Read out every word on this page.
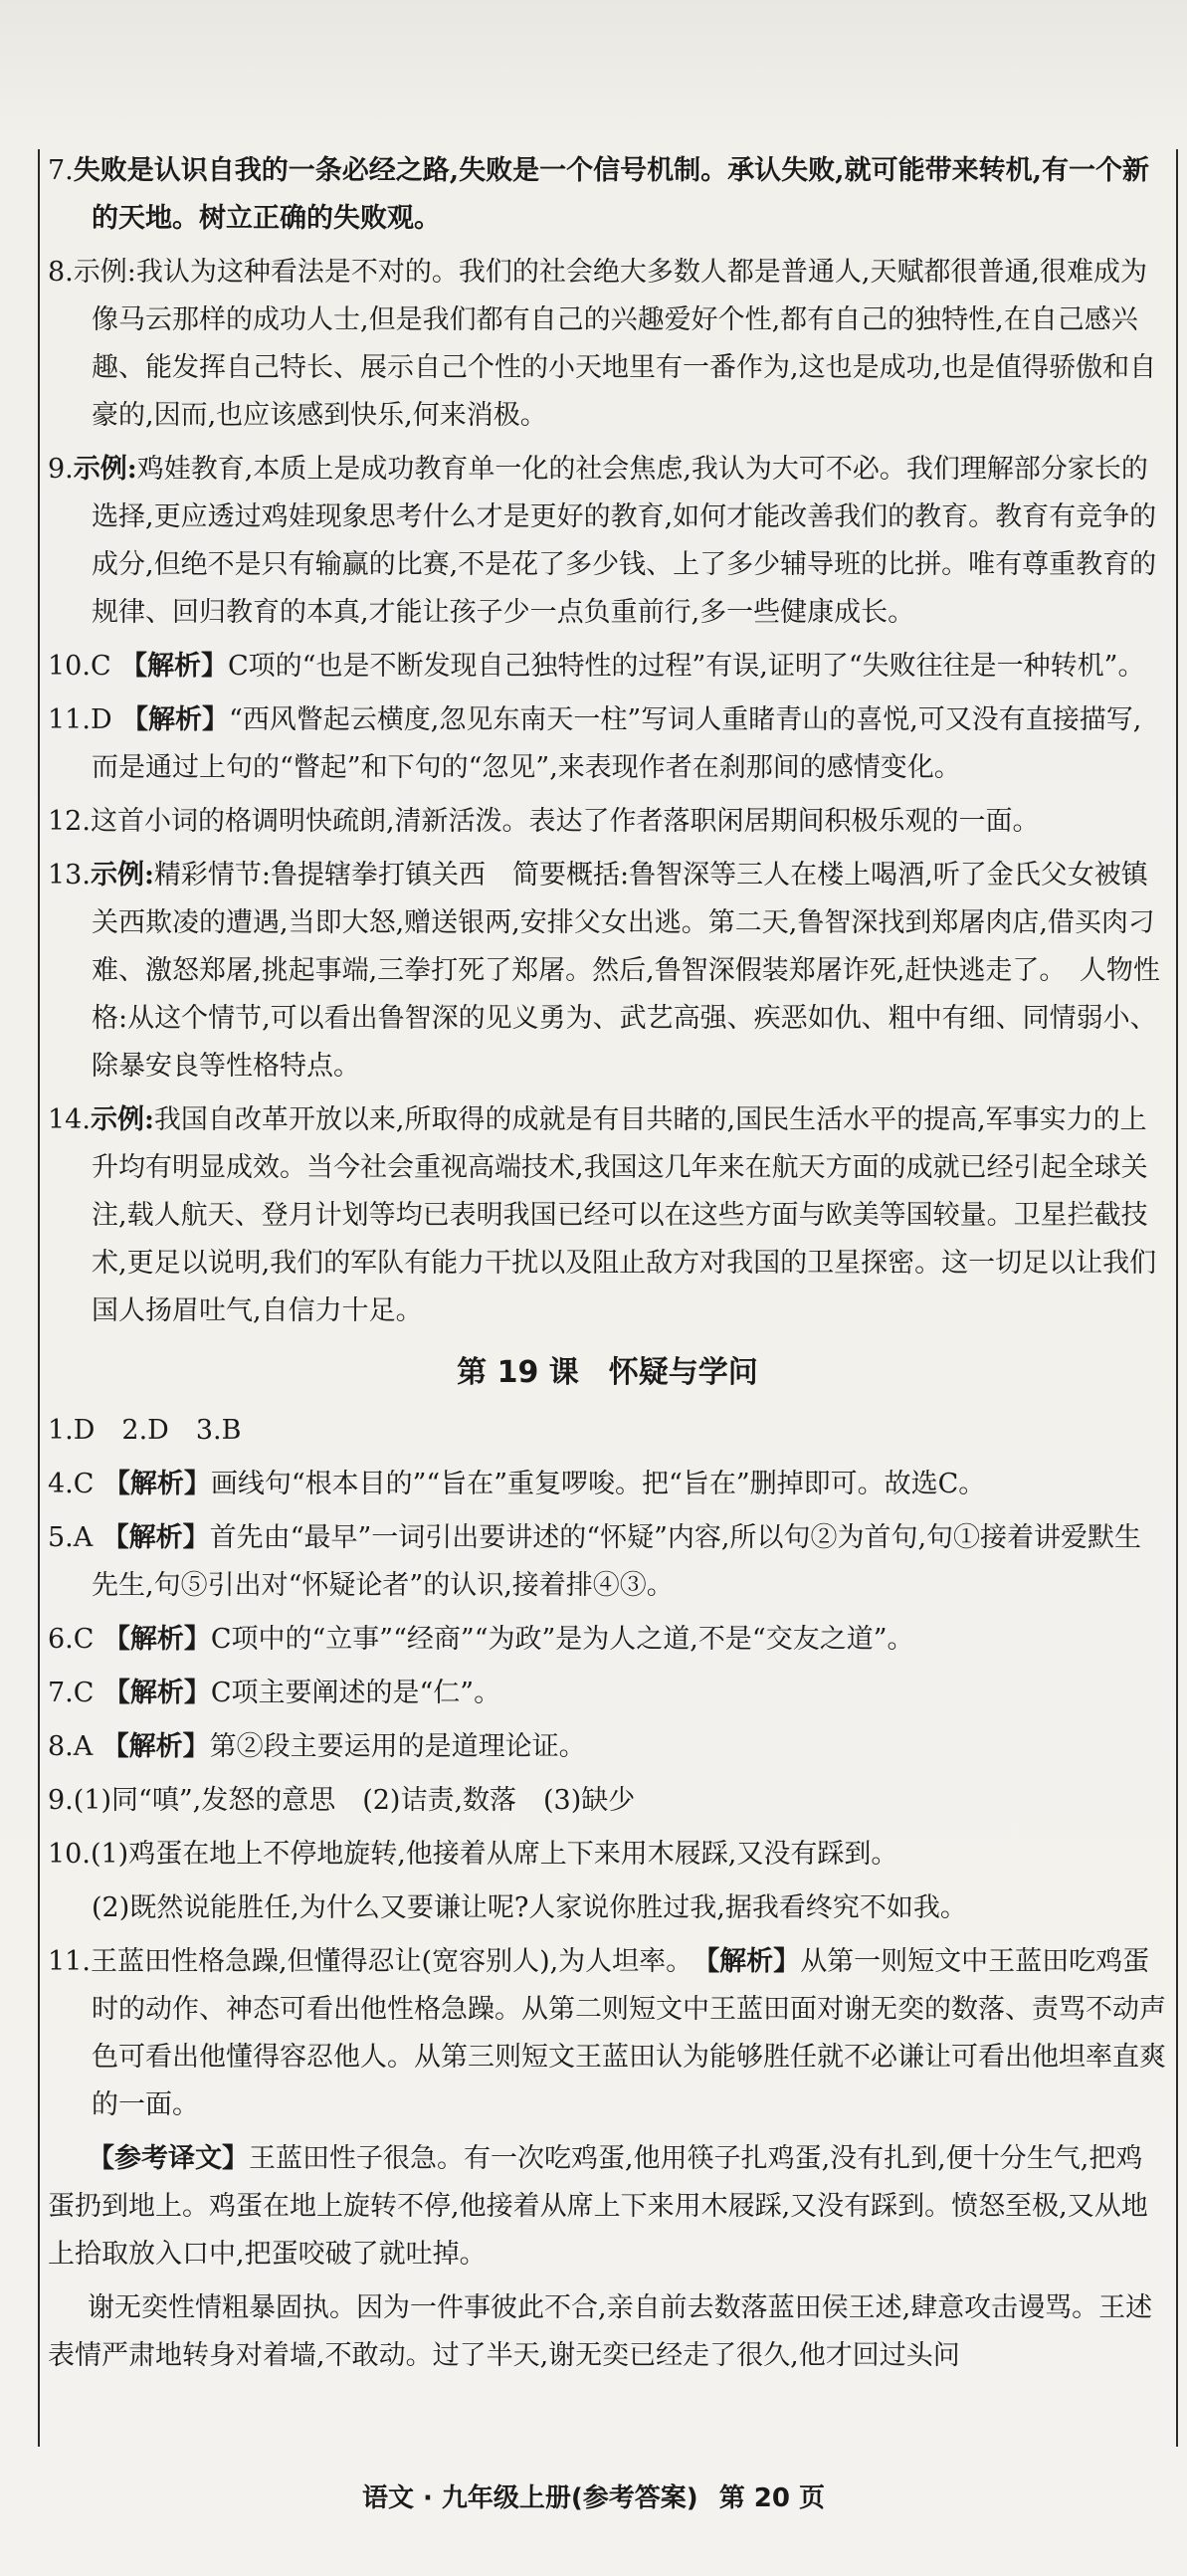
7.失败是认识自我的一条必经之路,失败是一个信号机制。承认失败,就可能带来转机,有一个新的天地。树立正确的失败观。
8.示例:我认为这种看法是不对的。我们的社会绝大多数人都是普通人,天赋都很普通,很难成为像马云那样的成功人士,但是我们都有自己的兴趣爱好个性,都有自己的独特性,在自己感兴趣、能发挥自己特长、展示自己个性的小天地里有一番作为,这也是成功,也是值得骄傲和自豪的,因而,也应该感到快乐,何来消极。
9.示例:鸡娃教育,本质上是成功教育单一化的社会焦虑,我认为大可不必。我们理解部分家长的选择,更应透过鸡娃现象思考什么才是更好的教育,如何才能改善我们的教育。教育有竞争的成分,但绝不是只有输赢的比赛,不是花了多少钱、上了多少辅导班的比拼。唯有尊重教育的规律、回归教育的本真,才能让孩子少一点负重前行,多一些健康成长。
10.C 【解析】C项的“也是不断发现自己独特性的过程”有误,证明了“失败往往是一种转机”。
11.D 【解析】“西风瞥起云横度,忽见东南天一柱”写词人重睹青山的喜悦,可又没有直接描写,而是通过上句的“瞥起”和下句的“忽见”,来表现作者在刹那间的感情变化。
12.这首小词的格调明快疏朗,清新活泼。表达了作者落职闲居期间积极乐观的一面。
13.示例:精彩情节:鲁提辖拳打镇关西　简要概括:鲁智深等三人在楼上喝酒,听了金氏父女被镇关西欺凌的遭遇,当即大怒,赠送银两,安排父女出逃。第二天,鲁智深找到郑屠肉店,借买肉刁难、激怒郑屠,挑起事端,三拳打死了郑屠。然后,鲁智深假装郑屠诈死,赶快逃走了。　人物性格:从这个情节,可以看出鲁智深的见义勇为、武艺高强、疾恶如仇、粗中有细、同情弱小、除暴安良等性格特点。
14.示例:我国自改革开放以来,所取得的成就是有目共睹的,国民生活水平的提高,军事实力的上升均有明显成效。当今社会重视高端技术,我国这几年来在航天方面的成就已经引起全球关注,载人航天、登月计划等均已表明我国已经可以在这些方面与欧美等国较量。卫星拦截技术,更足以说明,我们的军队有能力干扰以及阻止敌方对我国的卫星探密。这一切足以让我们国人扬眉吐气,自信力十足。
第 19 课　怀疑与学问
1.D　2.D　3.B
4.C 【解析】画线句“根本目的”“旨在”重复啰唆。把“旨在”删掉即可。故选C。
5.A 【解析】首先由“最早”一词引出要讲述的“怀疑”内容,所以句②为首句,句①接着讲爱默生先生,句⑤引出对“怀疑论者”的认识,接着排④③。
6.C 【解析】C项中的“立事”“经商”“为政”是为人之道,不是“交友之道”。
7.C 【解析】C项主要阐述的是“仁”。
8.A 【解析】第②段主要运用的是道理论证。
9.(1)同“嗔”,发怒的意思　(2)诘责,数落　(3)缺少
10.(1)鸡蛋在地上不停地旋转,他接着从席上下来用木屐踩,又没有踩到。
(2)既然说能胜任,为什么又要谦让呢?人家说你胜过我,据我看终究不如我。
11.王蓝田性格急躁,但懂得忍让(宽容别人),为人坦率。　【解析】从第一则短文中王蓝田吃鸡蛋时的动作、神态可看出他性格急躁。从第二则短文中王蓝田面对谢无奕的数落、责骂不动声色可看出他懂得容忍他人。从第三则短文王蓝田认为能够胜任就不必谦让可看出他坦率直爽的一面。
【参考译文】王蓝田性子很急。有一次吃鸡蛋,他用筷子扎鸡蛋,没有扎到,便十分生气,把鸡蛋扔到地上。鸡蛋在地上旋转不停,他接着从席上下来用木屐踩,又没有踩到。愤怒至极,又从地上拾取放入口中,把蛋咬破了就吐掉。
谢无奕性情粗暴固执。因为一件事彼此不合,亲自前去数落蓝田侯王述,肆意攻击谩骂。王述表情严肃地转身对着墙,不敢动。过了半天,谢无奕已经走了很久,他才回过头问
语文 · 九年级上册(参考答案) 第 20 页
